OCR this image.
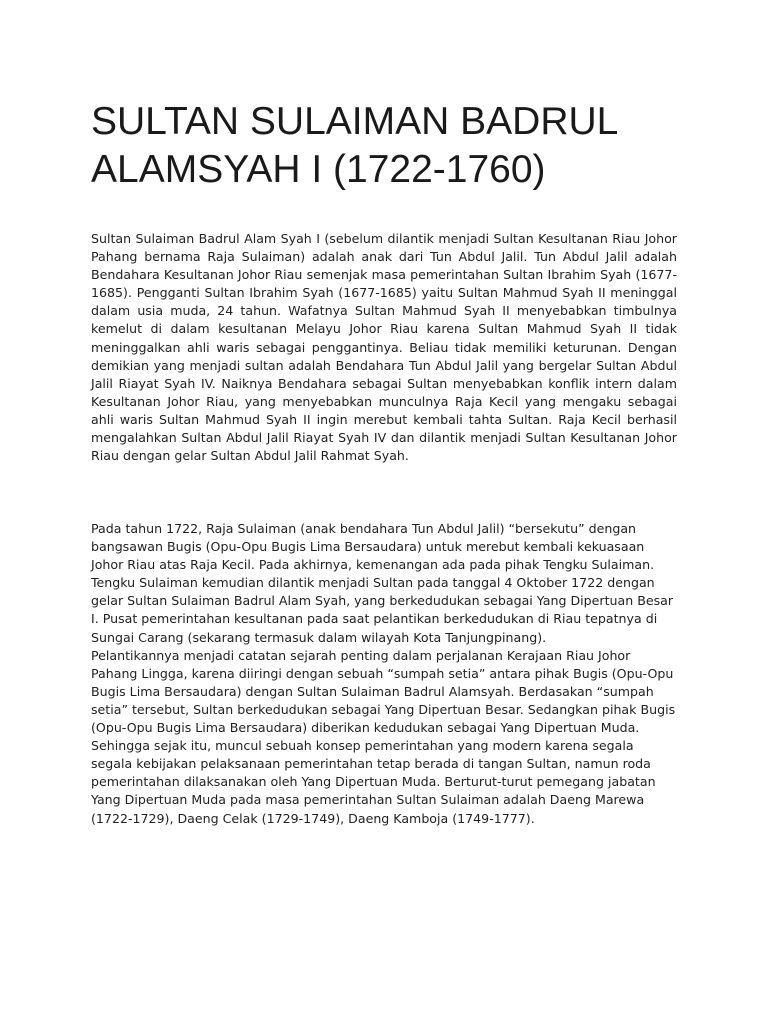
SULTAN SULAIMAN BADRUL ALAMSYAH I (1722-1760)

Sultan Sulaiman Badrul Alam Syah I (sebelum dilantik menjadi Sultan Kesultanan Riau Johor Pahang bernama Raja Sulaiman) adalah anak dari Tun Abdul Jalil. Tun Abdul Jalil adalah Bendahara Kesultanan Johor Riau semenjak masa pemerintahan Sultan Ibrahim Syah (1677-1685). Pengganti Sultan Ibrahim Syah (1677-1685) yaitu Sultan Mahmud Syah II meninggal dalam usia muda, 24 tahun. Wafatnya Sultan Mahmud Syah II menyebabkan timbulnya kemelut di dalam kesultanan Melayu Johor Riau karena Sultan Mahmud Syah II tidak meninggalkan ahli waris sebagai penggantinya. Beliau tidak memiliki keturunan. Dengan demikian yang menjadi sultan adalah Bendahara Tun Abdul Jalil yang bergelar Sultan Abdul Jalil Riayat Syah IV. Naiknya Bendahara sebagai Sultan menyebabkan konflik intern dalam Kesultanan Johor Riau, yang menyebabkan munculnya Raja Kecil yang mengaku sebagai ahli waris Sultan Mahmud Syah II ingin merebut kembali tahta Sultan. Raja Kecil berhasil mengalahkan Sultan Abdul Jalil Riayat Syah IV dan dilantik menjadi Sultan Kesultanan Johor Riau dengan gelar Sultan Abdul Jalil Rahmat Syah.

Pada tahun 1722, Raja Sulaiman (anak bendahara Tun Abdul Jalil) “bersekutu” dengan bangsawan Bugis (Opu-Opu Bugis Lima Bersaudara) untuk merebut kembali kekuasaan Johor Riau atas Raja Kecil. Pada akhirnya, kemenangan ada pada pihak Tengku Sulaiman. Tengku Sulaiman kemudian dilantik menjadi Sultan pada tanggal 4 Oktober 1722 dengan gelar Sultan Sulaiman Badrul Alam Syah, yang berkedudukan sebagai Yang Dipertuan Besar I. Pusat pemerintahan kesultanan pada saat pelantikan berkedudukan di Riau tepatnya di Sungai Carang (sekarang termasuk dalam wilayah Kota Tanjungpinang).
Pelantikannya menjadi catatan sejarah penting dalam perjalanan Kerajaan Riau Johor Pahang Lingga, karena diiringi dengan sebuah “sumpah setia” antara pihak Bugis (Opu-Opu Bugis Lima Bersaudara) dengan Sultan Sulaiman Badrul Alamsyah. Berdasakan “sumpah setia” tersebut, Sultan berkedudukan sebagai Yang Dipertuan Besar. Sedangkan pihak Bugis (Opu-Opu Bugis Lima Bersaudara) diberikan kedudukan sebagai Yang Dipertuan Muda. Sehingga sejak itu, muncul sebuah konsep pemerintahan yang modern karena segala segala kebijakan pelaksanaan pemerintahan tetap berada di tangan Sultan, namun roda pemerintahan dilaksanakan oleh Yang Dipertuan Muda. Berturut-turut pemegang jabatan Yang Dipertuan Muda pada masa pemerintahan Sultan Sulaiman adalah Daeng Marewa (1722-1729), Daeng Celak (1729-1749), Daeng Kamboja (1749-1777).
